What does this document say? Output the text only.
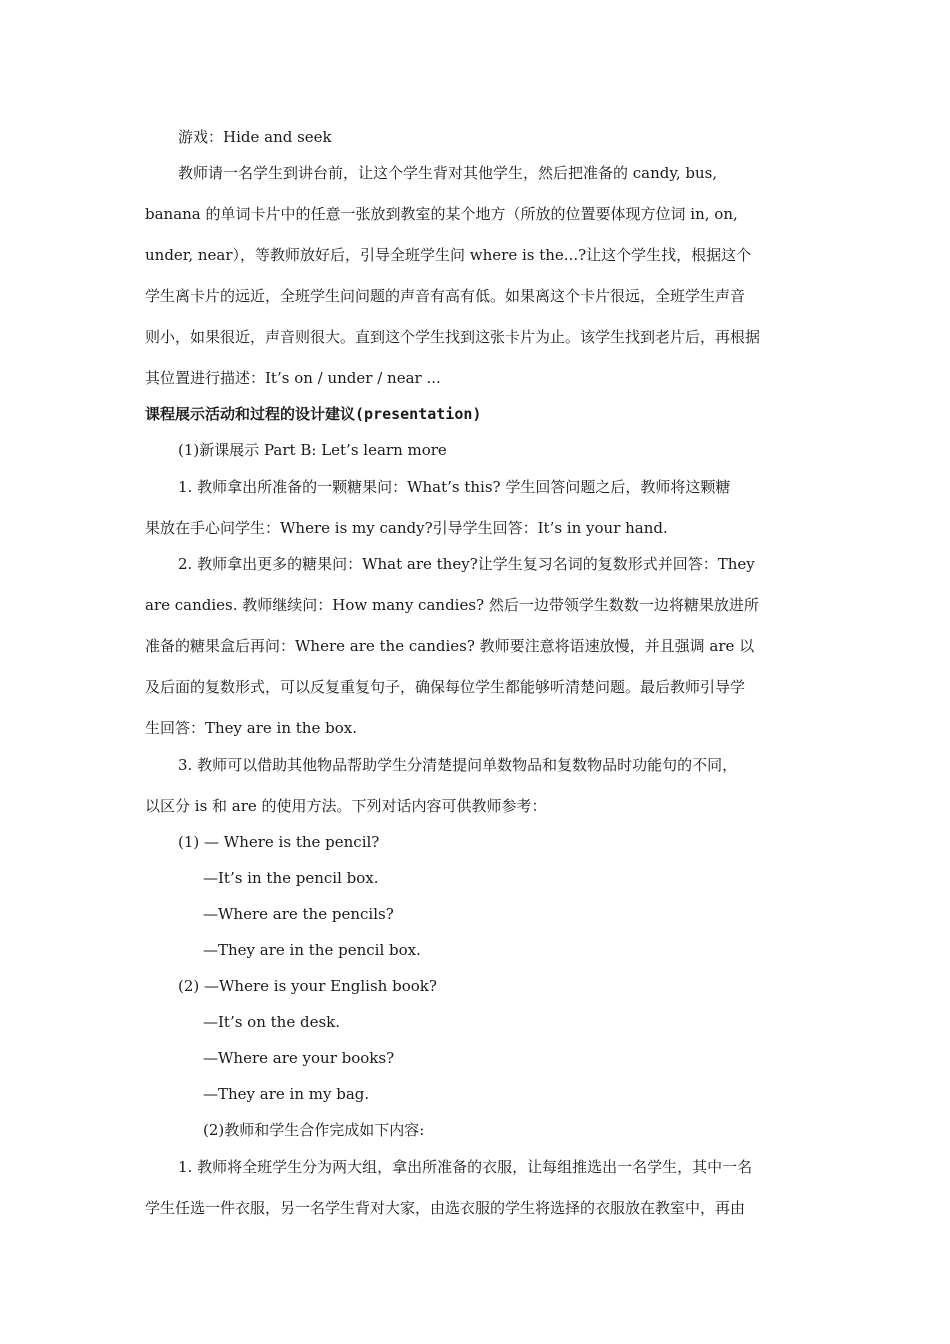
游戏：Hide and seek
教师请一名学生到讲台前，让这个学生背对其他学生，然后把准备的 candy, bus,
banana 的单词卡片中的任意一张放到教室的某个地方（所放的位置要体现方位词 in, on,
under, near），等教师放好后，引导全班学生问 where is the...?让这个学生找，根据这个
学生离卡片的远近，全班学生问问题的声音有高有低。如果离这个卡片很远，全班学生声音
则小，如果很近，声音则很大。直到这个学生找到这张卡片为止。该学生找到老片后，再根据
其位置进行描述：It’s on / under / near ...
课程展示活动和过程的设计建议(presentation)
(1)新课展示 Part B: Let’s learn more
1. 教师拿出所准备的一颗糖果问：What’s this? 学生回答问题之后，教师将这颗糖
果放在手心问学生：Where is my candy?引导学生回答：It’s in your hand.
2. 教师拿出更多的糖果问：What are they?让学生复习名词的复数形式并回答：They
are candies. 教师继续问：How many candies? 然后一边带领学生数数一边将糖果放进所
准备的糖果盒后再问：Where are the candies? 教师要注意将语速放慢，并且强调 are 以
及后面的复数形式，可以反复重复句子，确保每位学生都能够听清楚问题。最后教师引导学
生回答：They are in the box.
3. 教师可以借助其他物品帮助学生分清楚提问单数物品和复数物品时功能句的不同，
以区分 is 和 are 的使用方法。下列对话内容可供教师参考：
(1) — Where is the pencil?
—It’s in the pencil box.
—Where are the pencils?
—They are in the pencil box.
(2) —Where is your English book?
—It’s on the desk.
—Where are your books?
—They are in my bag.
(2)教师和学生合作完成如下内容:
1. 教师将全班学生分为两大组，拿出所准备的衣服，让每组推选出一名学生，其中一名
学生任选一件衣服，另一名学生背对大家，由选衣服的学生将选择的衣服放在教室中，再由
